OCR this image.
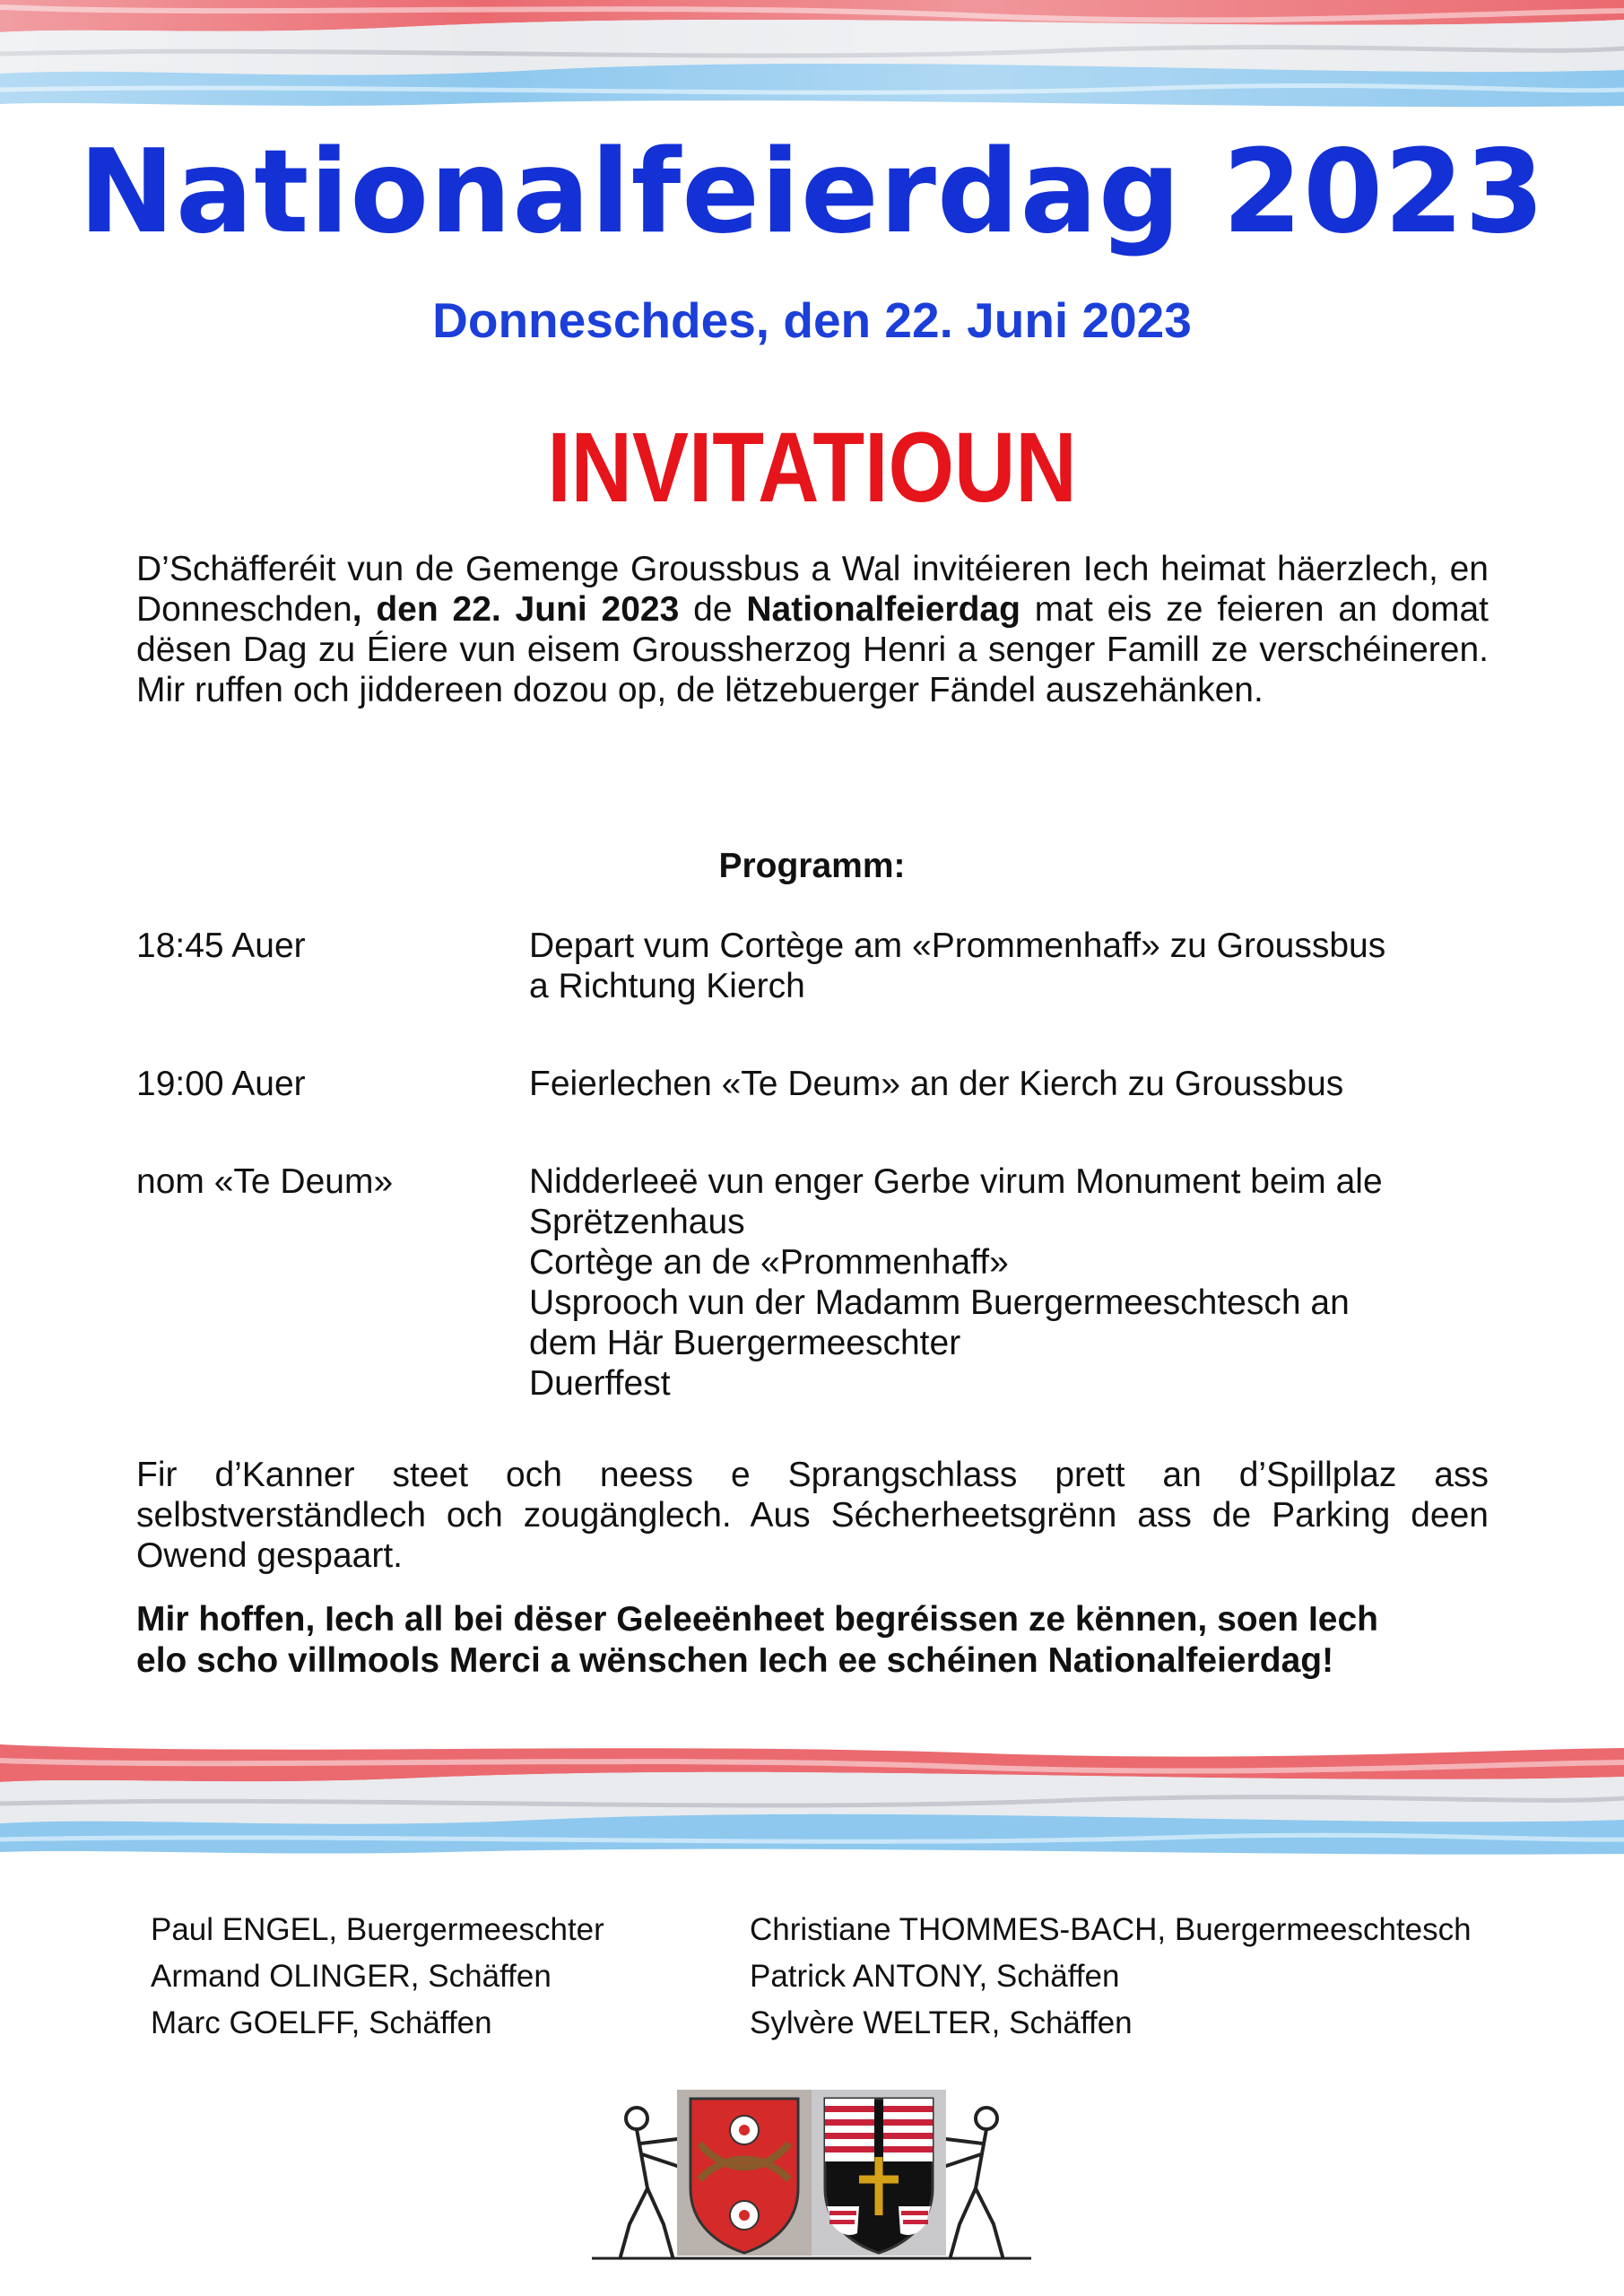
Nationalfeierdag 2023
Donneschdes, den 22. Juni 2023
INVITATIOUN
D’Schäfferéit vun de Gemenge Groussbus a Wal invitéieren Iech heimat häerzlech, en Donneschden, den 22. Juni 2023 de Nationalfeierdag mat eis ze feieren an domat dësen Dag zu Éiere vun eisem Groussherzog Henri a senger Famill ze verschéineren. Mir ruffen och jiddereen dozou op, de lëtzebuerger Fändel auszehänken.
Programm:
18:45 Auer	Depart vum Cortège am «Prommenhaff» zu Groussbus
a Richtung Kierch
19:00 Auer	Feierlechen «Te Deum» an der Kierch zu Groussbus
nom «Te Deum»	Nidderleeë vun enger Gerbe virum Monument beim ale
Sprëtzenhaus
Cortège an de «Prommenhaff»
Usprooch vun der Madamm Buergermeeschtesch an
dem Här Buergermeeschter
Duerffest
Fir d’Kanner steet och neess e Sprangschlass prett an d’Spillplaz ass selbstverständlech och zougänglech. Aus Sécherheetsgrënn ass de Parking deen Owend gespaart.
Mir hoffen, Iech all bei dëser Geleeënheet begréissen ze kënnen, soen Iech
elo scho villmools Merci a wënschen Iech ee schéinen Nationalfeierdag!
Paul ENGEL, Buergermeeschter
Armand OLINGER, Schäffen
Marc GOELFF, Schäffen
Christiane THOMMES-BACH, Buergermeeschtesch
Patrick ANTONY, Schäffen
Sylvère WELTER, Schäffen
